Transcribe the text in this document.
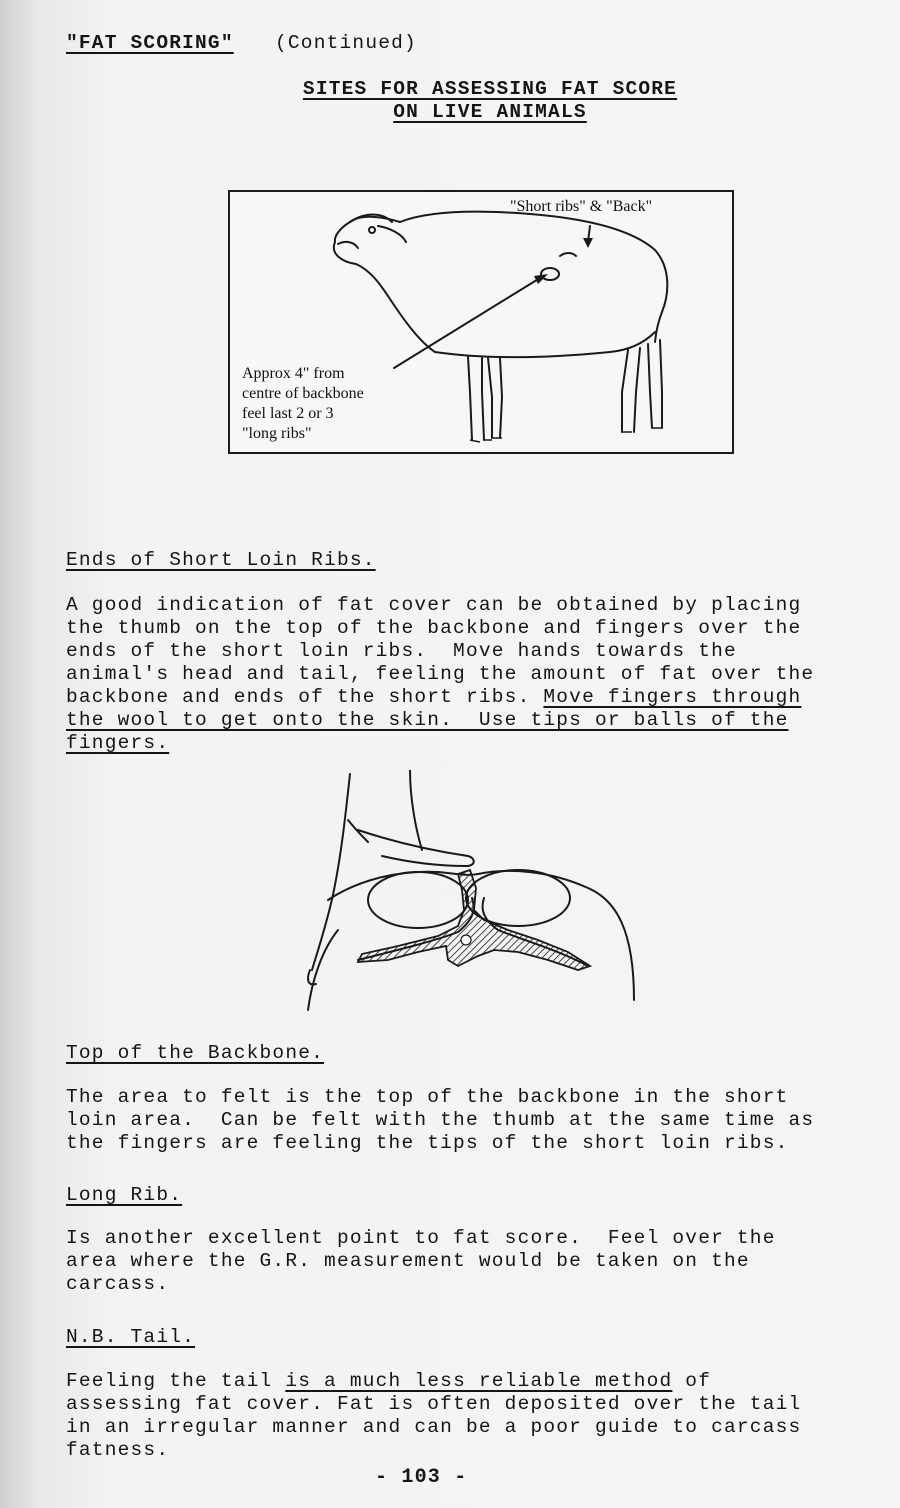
"FAT SCORING" (Continued)
SITES FOR ASSESSING FAT SCORE
ON LIVE ANIMALS
"Short ribs" & "Back"
Approx 4" from
centre of backbone
feel last 2 or 3
"long ribs"
Ends of Short Loin Ribs.
A good indication of fat cover can be obtained by placing
the thumb on the top of the backbone and fingers over the
ends of the short loin ribs.  Move hands towards the
animal's head and tail, feeling the amount of fat over the
backbone and ends of the short ribs. Move fingers through
the wool to get onto the skin.  Use tips or balls of the
fingers.
Top of the Backbone.
The area to felt is the top of the backbone in the short
loin area.  Can be felt with the thumb at the same time as
the fingers are feeling the tips of the short loin ribs.
Long Rib.
Is another excellent point to fat score.  Feel over the
area where the G.R. measurement would be taken on the
carcass.
N.B. Tail.
Feeling the tail is a much less reliable method of
assessing fat cover. Fat is often deposited over the tail
in an irregular manner and can be a poor guide to carcass
fatness.
- 103 -
